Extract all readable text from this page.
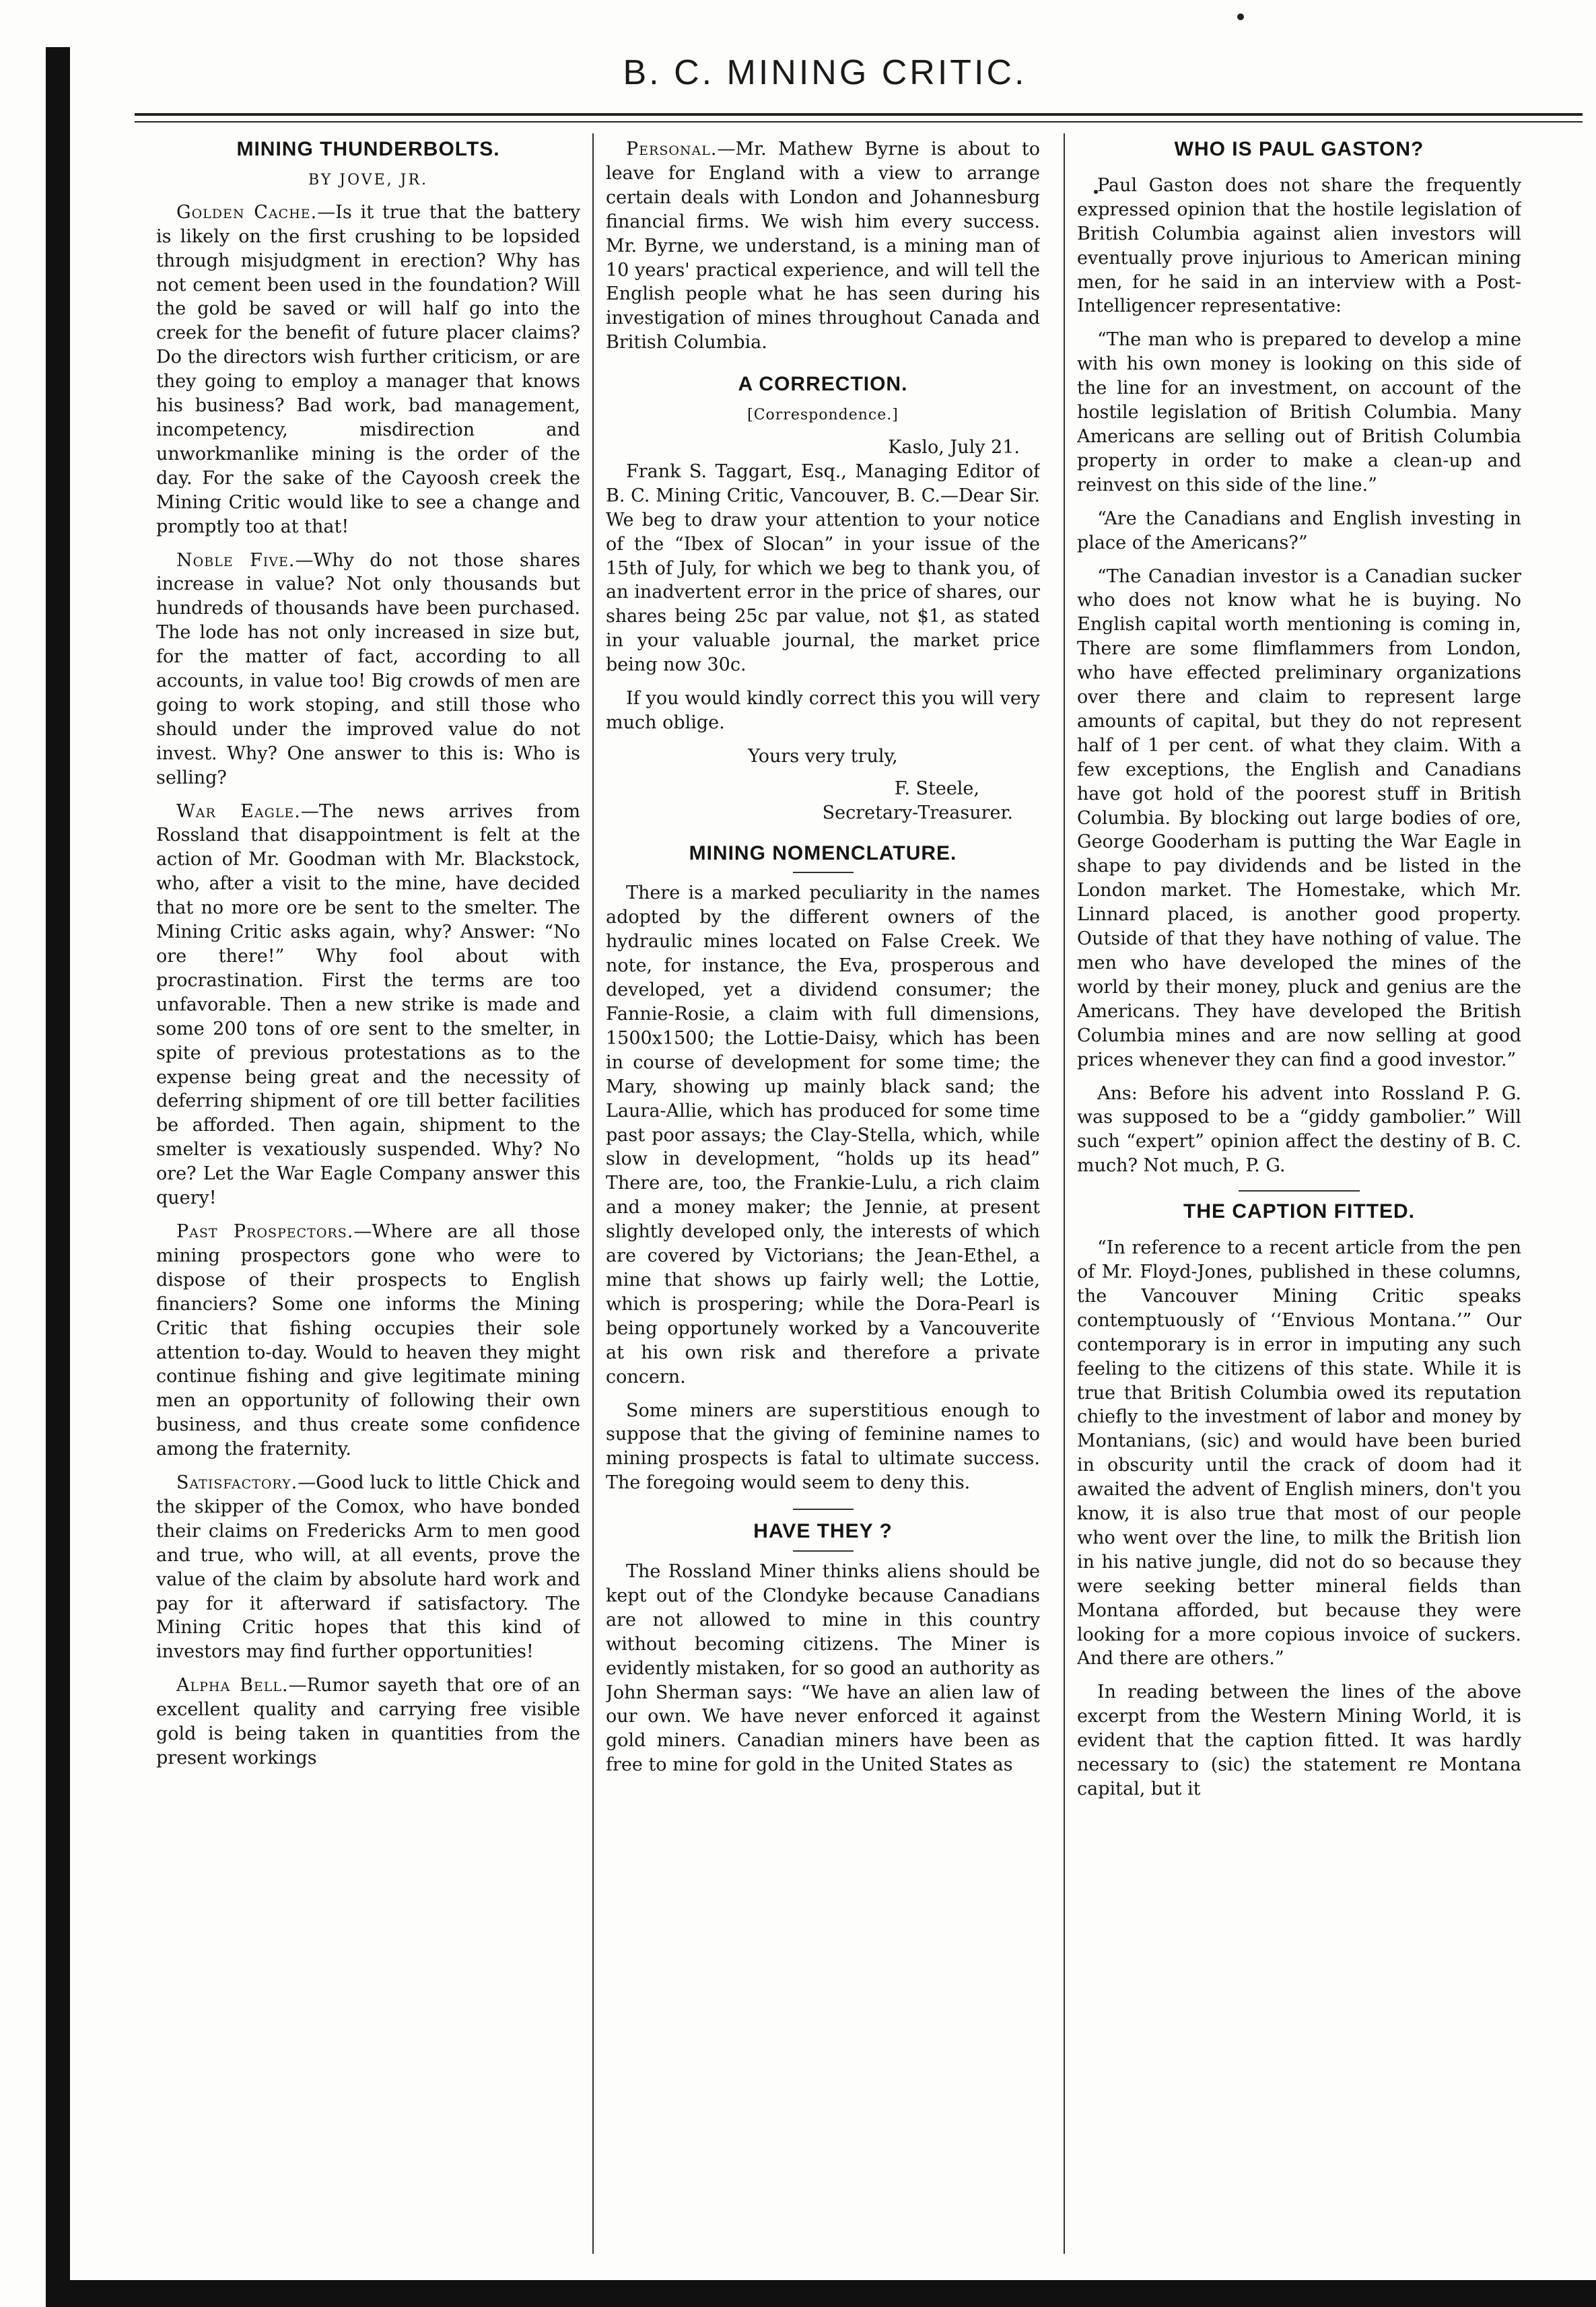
B. C. MINING CRITIC.
MINING THUNDERBOLTS.
BY JOVE, JR.

Golden Cache.—Is it true that the battery is likely on the first crushing to be lopsided through misjudgment in erection? Why has not cement been used in the foundation? Will the gold be saved or will half go into the creek for the benefit of future placer claims? Do the directors wish further criticism, or are they going to employ a manager that knows his business? Bad work, bad management, incompetency, misdirection and unworkmanlike mining is the order of the day. For the sake of the Cayoosh creek the Mining Critic would like to see a change and promptly too at that!

Noble Five.—Why do not those shares increase in value? Not only thousands but hundreds of thousands have been purchased. The lode has not only increased in size but, for the matter of fact, according to all accounts, in value too! Big crowds of men are going to work stoping, and still those who should under the improved value do not invest. Why? One answer to this is: Who is selling?

War Eagle.—The news arrives from Rossland that disappointment is felt at the action of Mr. Goodman with Mr. Blackstock, who, after a visit to the mine, have decided that no more ore be sent to the smelter. The Mining Critic asks again, why? Answer: “No ore there!” Why fool about with procrastination. First the terms are too unfavorable. Then a new strike is made and some 200 tons of ore sent to the smelter, in spite of previous protestations as to the expense being great and the necessity of deferring shipment of ore till better facilities be afforded. Then again, shipment to the smelter is vexatiously suspended. Why? No ore? Let the War Eagle Company answer this query!

Past Prospectors.—Where are all those mining prospectors gone who were to dispose of their prospects to English financiers? Some one informs the Mining Critic that fishing occupies their sole attention to-day. Would to heaven they might continue fishing and give legitimate mining men an opportunity of following their own business, and thus create some confidence among the fraternity.

Satisfactory.—Good luck to little Chick and the skipper of the Comox, who have bonded their claims on Fredericks Arm to men good and true, who will, at all events, prove the value of the claim by absolute hard work and pay for it afterward if satisfactory. The Mining Critic hopes that this kind of investors may find further opportunities!

Alpha Bell.—Rumor sayeth that ore of an excellent quality and carrying free visible gold is being taken in quantities from the present workings

Personal.—Mr. Mathew Byrne is about to leave for England with a view to arrange certain deals with London and Johannesburg financial firms. We wish him every success. Mr. Byrne, we understand, is a mining man of 10 years' practical experience, and will tell the English people what he has seen during his investigation of mines throughout Canada and British Columbia.

A CORRECTION.
[Correspondence.]

Kaslo, July 21.

Frank S. Taggart, Esq., Managing Editor of B. C. Mining Critic, Vancouver, B. C.—Dear Sir. We beg to draw your attention to your notice of the “Ibex of Slocan” in your issue of the 15th of July, for which we beg to thank you, of an inadvertent error in the price of shares, our shares being 25c par value, not $1, as stated in your valuable journal, the market price being now 30c.

If you would kindly correct this you will very much oblige.

Yours very truly,

F. Steele,

Secretary-Treasurer.

MINING NOMENCLATURE.

There is a marked peculiarity in the names adopted by the different owners of the hydraulic mines located on False Creek. We note, for instance, the Eva, prosperous and developed, yet a dividend consumer; the Fannie-Rosie, a claim with full dimensions, 1500x1500; the Lottie-Daisy, which has been in course of development for some time; the Mary, showing up mainly black sand; the Laura-Allie, which has produced for some time past poor assays; the Clay-Stella, which, while slow in development, “holds up its head” There are, too, the Frankie-Lulu, a rich claim and a money maker; the Jennie, at present slightly developed only, the interests of which are covered by Victorians; the Jean-Ethel, a mine that shows up fairly well; the Lottie, which is prospering; while the Dora-Pearl is being opportunely worked by a Vancouverite at his own risk and therefore a private concern.

Some miners are superstitious enough to suppose that the giving of feminine names to mining prospects is fatal to ultimate success. The foregoing would seem to deny this.

HAVE THEY ?

The Rossland Miner thinks aliens should be kept out of the Clondyke because Canadians are not allowed to mine in this country without becoming citizens. The Miner is evidently mistaken, for so good an authority as John Sherman says: “We have an alien law of our own. We have never enforced it against gold miners. Canadian miners have been as free to mine for gold in the United States as

WHO IS PAUL GASTON?

Paul Gaston does not share the frequently expressed opinion that the hostile legislation of British Columbia against alien investors will eventually prove injurious to American mining men, for he said in an interview with a Post-Intelligencer representative:

“The man who is prepared to develop a mine with his own money is looking on this side of the line for an investment, on account of the hostile legislation of British Columbia. Many Americans are selling out of British Columbia property in order to make a clean-up and reinvest on this side of the line.”

“Are the Canadians and English investing in place of the Americans?”

“The Canadian investor is a Canadian sucker who does not know what he is buying. No English capital worth mentioning is coming in, There are some flimflammers from London, who have effected preliminary organizations over there and claim to represent large amounts of capital, but they do not represent half of 1 per cent. of what they claim. With a few exceptions, the English and Canadians have got hold of the poorest stuff in British Columbia. By blocking out large bodies of ore, George Gooderham is putting the War Eagle in shape to pay dividends and be listed in the London market. The Homestake, which Mr. Linnard placed, is another good property. Outside of that they have nothing of value. The men who have developed the mines of the world by their money, pluck and genius are the Americans. They have developed the British Columbia mines and are now selling at good prices whenever they can find a good investor.”

Ans: Before his advent into Rossland P. G. was supposed to be a “giddy gambolier.” Will such “expert” opinion affect the destiny of B. C. much? Not much, P. G.

THE CAPTION FITTED.

“In reference to a recent article from the pen of Mr. Floyd-Jones, published in these columns, the Vancouver Mining Critic speaks contemptuously of ‘‘Envious Montana.’” Our contemporary is in error in imputing any such feeling to the citizens of this state. While it is true that British Columbia owed its reputation chiefly to the investment of labor and money by Montanians, (sic) and would have been buried in obscurity until the crack of doom had it awaited the advent of English miners, don't you know, it is also true that most of our people who went over the line, to milk the British lion in his native jungle, did not do so because they were seeking better mineral fields than Montana afforded, but because they were looking for a more copious invoice of suckers. And there are others.”

In reading between the lines of the above excerpt from the Western Mining World, it is evident that the caption fitted. It was hardly necessary to (sic) the statement re Montana capital, but it
